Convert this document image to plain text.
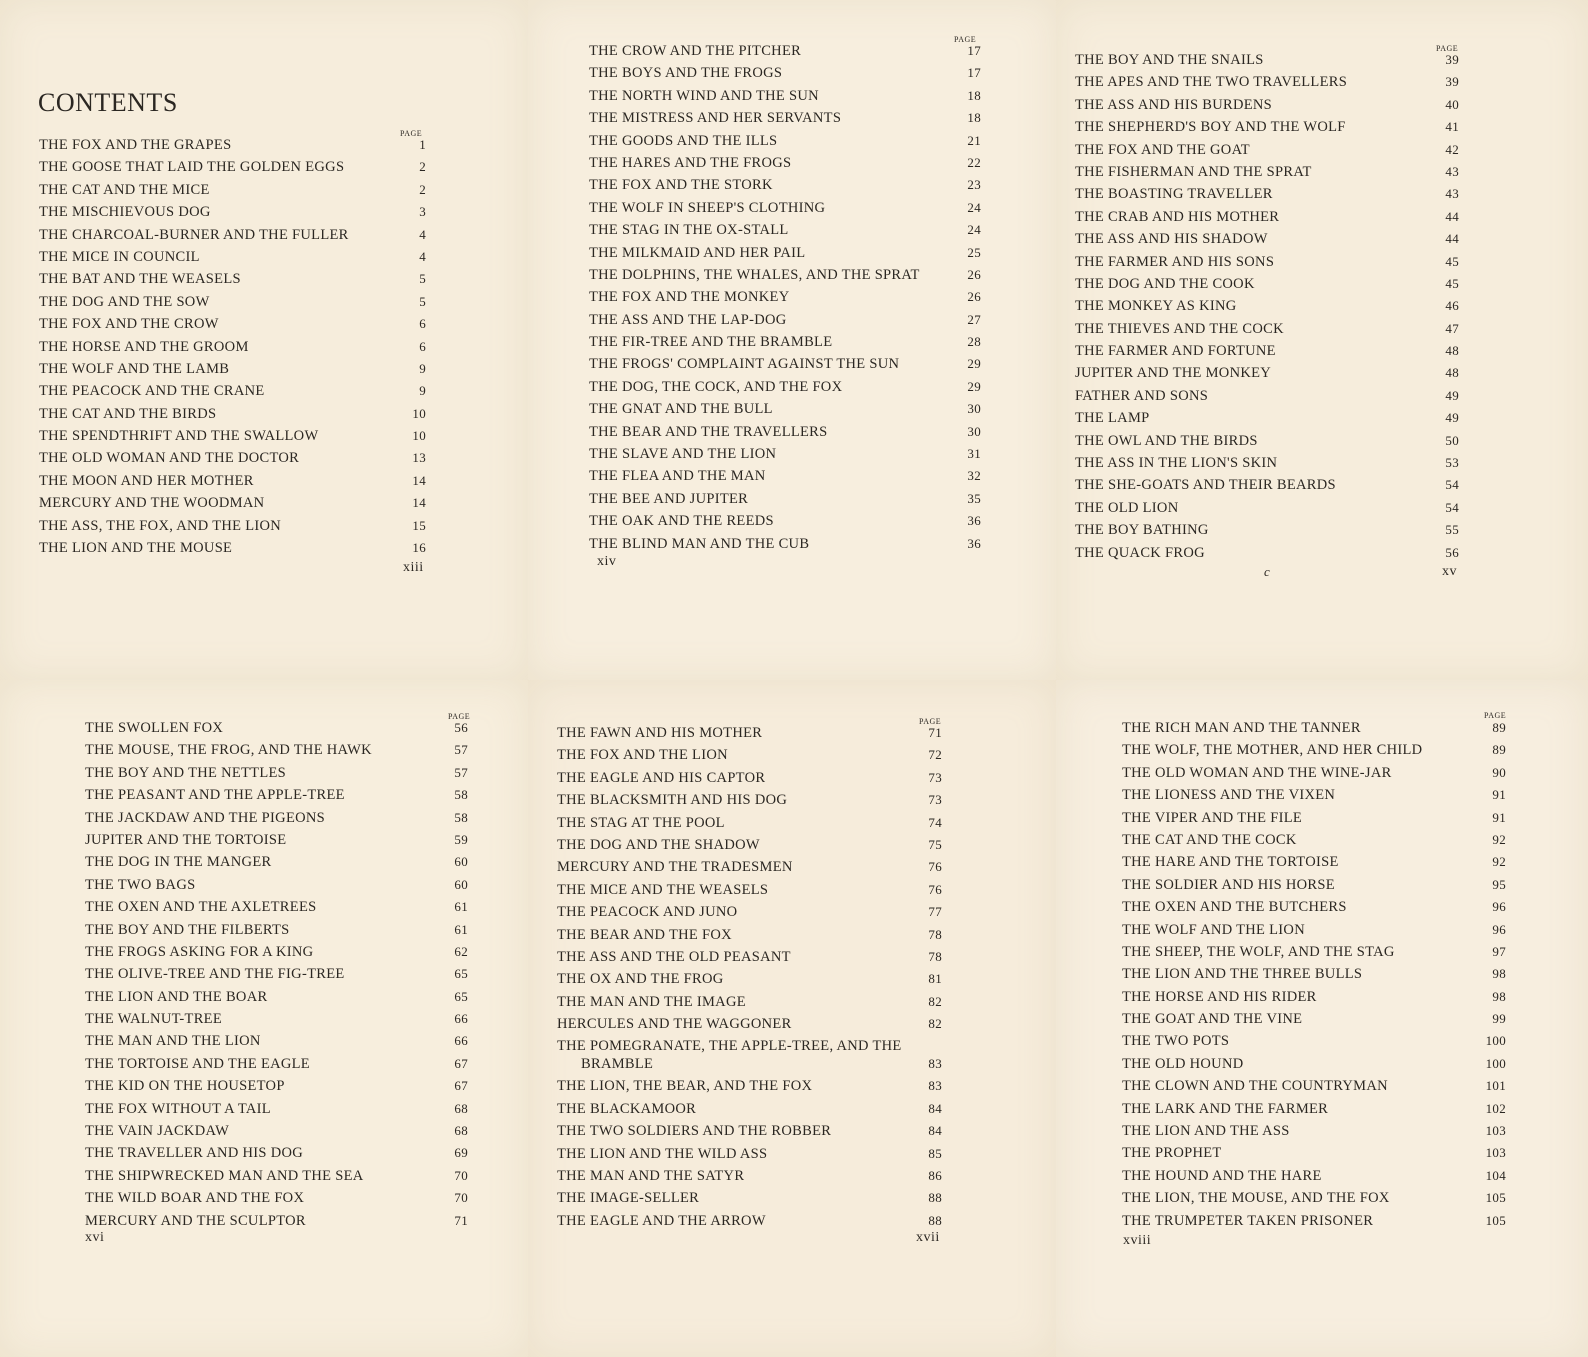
CONTENTS
PAGE
THE FOX AND THE GRAPES	1
THE GOOSE THAT LAID THE GOLDEN EGGS	2
THE CAT AND THE MICE	2
THE MISCHIEVOUS DOG	3
THE CHARCOAL-BURNER AND THE FULLER	4
THE MICE IN COUNCIL	4
THE BAT AND THE WEASELS	5
THE DOG AND THE SOW	5
THE FOX AND THE CROW	6
THE HORSE AND THE GROOM	6
THE WOLF AND THE LAMB	9
THE PEACOCK AND THE CRANE	9
THE CAT AND THE BIRDS	10
THE SPENDTHRIFT AND THE SWALLOW	10
THE OLD WOMAN AND THE DOCTOR	13
THE MOON AND HER MOTHER	14
MERCURY AND THE WOODMAN	14
THE ASS, THE FOX, AND THE LION	15
THE LION AND THE MOUSE	16
xiii
PAGE
THE CROW AND THE PITCHER	17
THE BOYS AND THE FROGS	17
THE NORTH WIND AND THE SUN	18
THE MISTRESS AND HER SERVANTS	18
THE GOODS AND THE ILLS	21
THE HARES AND THE FROGS	22
THE FOX AND THE STORK	23
THE WOLF IN SHEEP'S CLOTHING	24
THE STAG IN THE OX-STALL	24
THE MILKMAID AND HER PAIL	25
THE DOLPHINS, THE WHALES, AND THE SPRAT	26
THE FOX AND THE MONKEY	26
THE ASS AND THE LAP-DOG	27
THE FIR-TREE AND THE BRAMBLE	28
THE FROGS' COMPLAINT AGAINST THE SUN	29
THE DOG, THE COCK, AND THE FOX	29
THE GNAT AND THE BULL	30
THE BEAR AND THE TRAVELLERS	30
THE SLAVE AND THE LION	31
THE FLEA AND THE MAN	32
THE BEE AND JUPITER	35
THE OAK AND THE REEDS	36
THE BLIND MAN AND THE CUB	36
xiv
PAGE
THE BOY AND THE SNAILS	39
THE APES AND THE TWO TRAVELLERS	39
THE ASS AND HIS BURDENS	40
THE SHEPHERD'S BOY AND THE WOLF	41
THE FOX AND THE GOAT	42
THE FISHERMAN AND THE SPRAT	43
THE BOASTING TRAVELLER	43
THE CRAB AND HIS MOTHER	44
THE ASS AND HIS SHADOW	44
THE FARMER AND HIS SONS	45
THE DOG AND THE COOK	45
THE MONKEY AS KING	46
THE THIEVES AND THE COCK	47
THE FARMER AND FORTUNE	48
JUPITER AND THE MONKEY	48
FATHER AND SONS	49
THE LAMP	49
THE OWL AND THE BIRDS	50
THE ASS IN THE LION'S SKIN	53
THE SHE-GOATS AND THEIR BEARDS	54
THE OLD LION	54
THE BOY BATHING	55
THE QUACK FROG	56
c	xv
PAGE
THE SWOLLEN FOX	56
THE MOUSE, THE FROG, AND THE HAWK	57
THE BOY AND THE NETTLES	57
THE PEASANT AND THE APPLE-TREE	58
THE JACKDAW AND THE PIGEONS	58
JUPITER AND THE TORTOISE	59
THE DOG IN THE MANGER	60
THE TWO BAGS	60
THE OXEN AND THE AXLETREES	61
THE BOY AND THE FILBERTS	61
THE FROGS ASKING FOR A KING	62
THE OLIVE-TREE AND THE FIG-TREE	65
THE LION AND THE BOAR	65
THE WALNUT-TREE	66
THE MAN AND THE LION	66
THE TORTOISE AND THE EAGLE	67
THE KID ON THE HOUSETOP	67
THE FOX WITHOUT A TAIL	68
THE VAIN JACKDAW	68
THE TRAVELLER AND HIS DOG	69
THE SHIPWRECKED MAN AND THE SEA	70
THE WILD BOAR AND THE FOX	70
MERCURY AND THE SCULPTOR	71
xvi
PAGE
THE FAWN AND HIS MOTHER	71
THE FOX AND THE LION	72
THE EAGLE AND HIS CAPTOR	73
THE BLACKSMITH AND HIS DOG	73
THE STAG AT THE POOL	74
THE DOG AND THE SHADOW	75
MERCURY AND THE TRADESMEN	76
THE MICE AND THE WEASELS	76
THE PEACOCK AND JUNO	77
THE BEAR AND THE FOX	78
THE ASS AND THE OLD PEASANT	78
THE OX AND THE FROG	81
THE MAN AND THE IMAGE	82
HERCULES AND THE WAGGONER	82
THE POMEGRANATE, THE APPLE-TREE, AND THE
BRAMBLE	83
THE LION, THE BEAR, AND THE FOX	83
THE BLACKAMOOR	84
THE TWO SOLDIERS AND THE ROBBER	84
THE LION AND THE WILD ASS	85
THE MAN AND THE SATYR	86
THE IMAGE-SELLER	88
THE EAGLE AND THE ARROW	88
xvii
PAGE
THE RICH MAN AND THE TANNER	89
THE WOLF, THE MOTHER, AND HER CHILD	89
THE OLD WOMAN AND THE WINE-JAR	90
THE LIONESS AND THE VIXEN	91
THE VIPER AND THE FILE	91
THE CAT AND THE COCK	92
THE HARE AND THE TORTOISE	92
THE SOLDIER AND HIS HORSE	95
THE OXEN AND THE BUTCHERS	96
THE WOLF AND THE LION	96
THE SHEEP, THE WOLF, AND THE STAG	97
THE LION AND THE THREE BULLS	98
THE HORSE AND HIS RIDER	98
THE GOAT AND THE VINE	99
THE TWO POTS	100
THE OLD HOUND	100
THE CLOWN AND THE COUNTRYMAN	101
THE LARK AND THE FARMER	102
THE LION AND THE ASS	103
THE PROPHET	103
THE HOUND AND THE HARE	104
THE LION, THE MOUSE, AND THE FOX	105
THE TRUMPETER TAKEN PRISONER	105
xviii
